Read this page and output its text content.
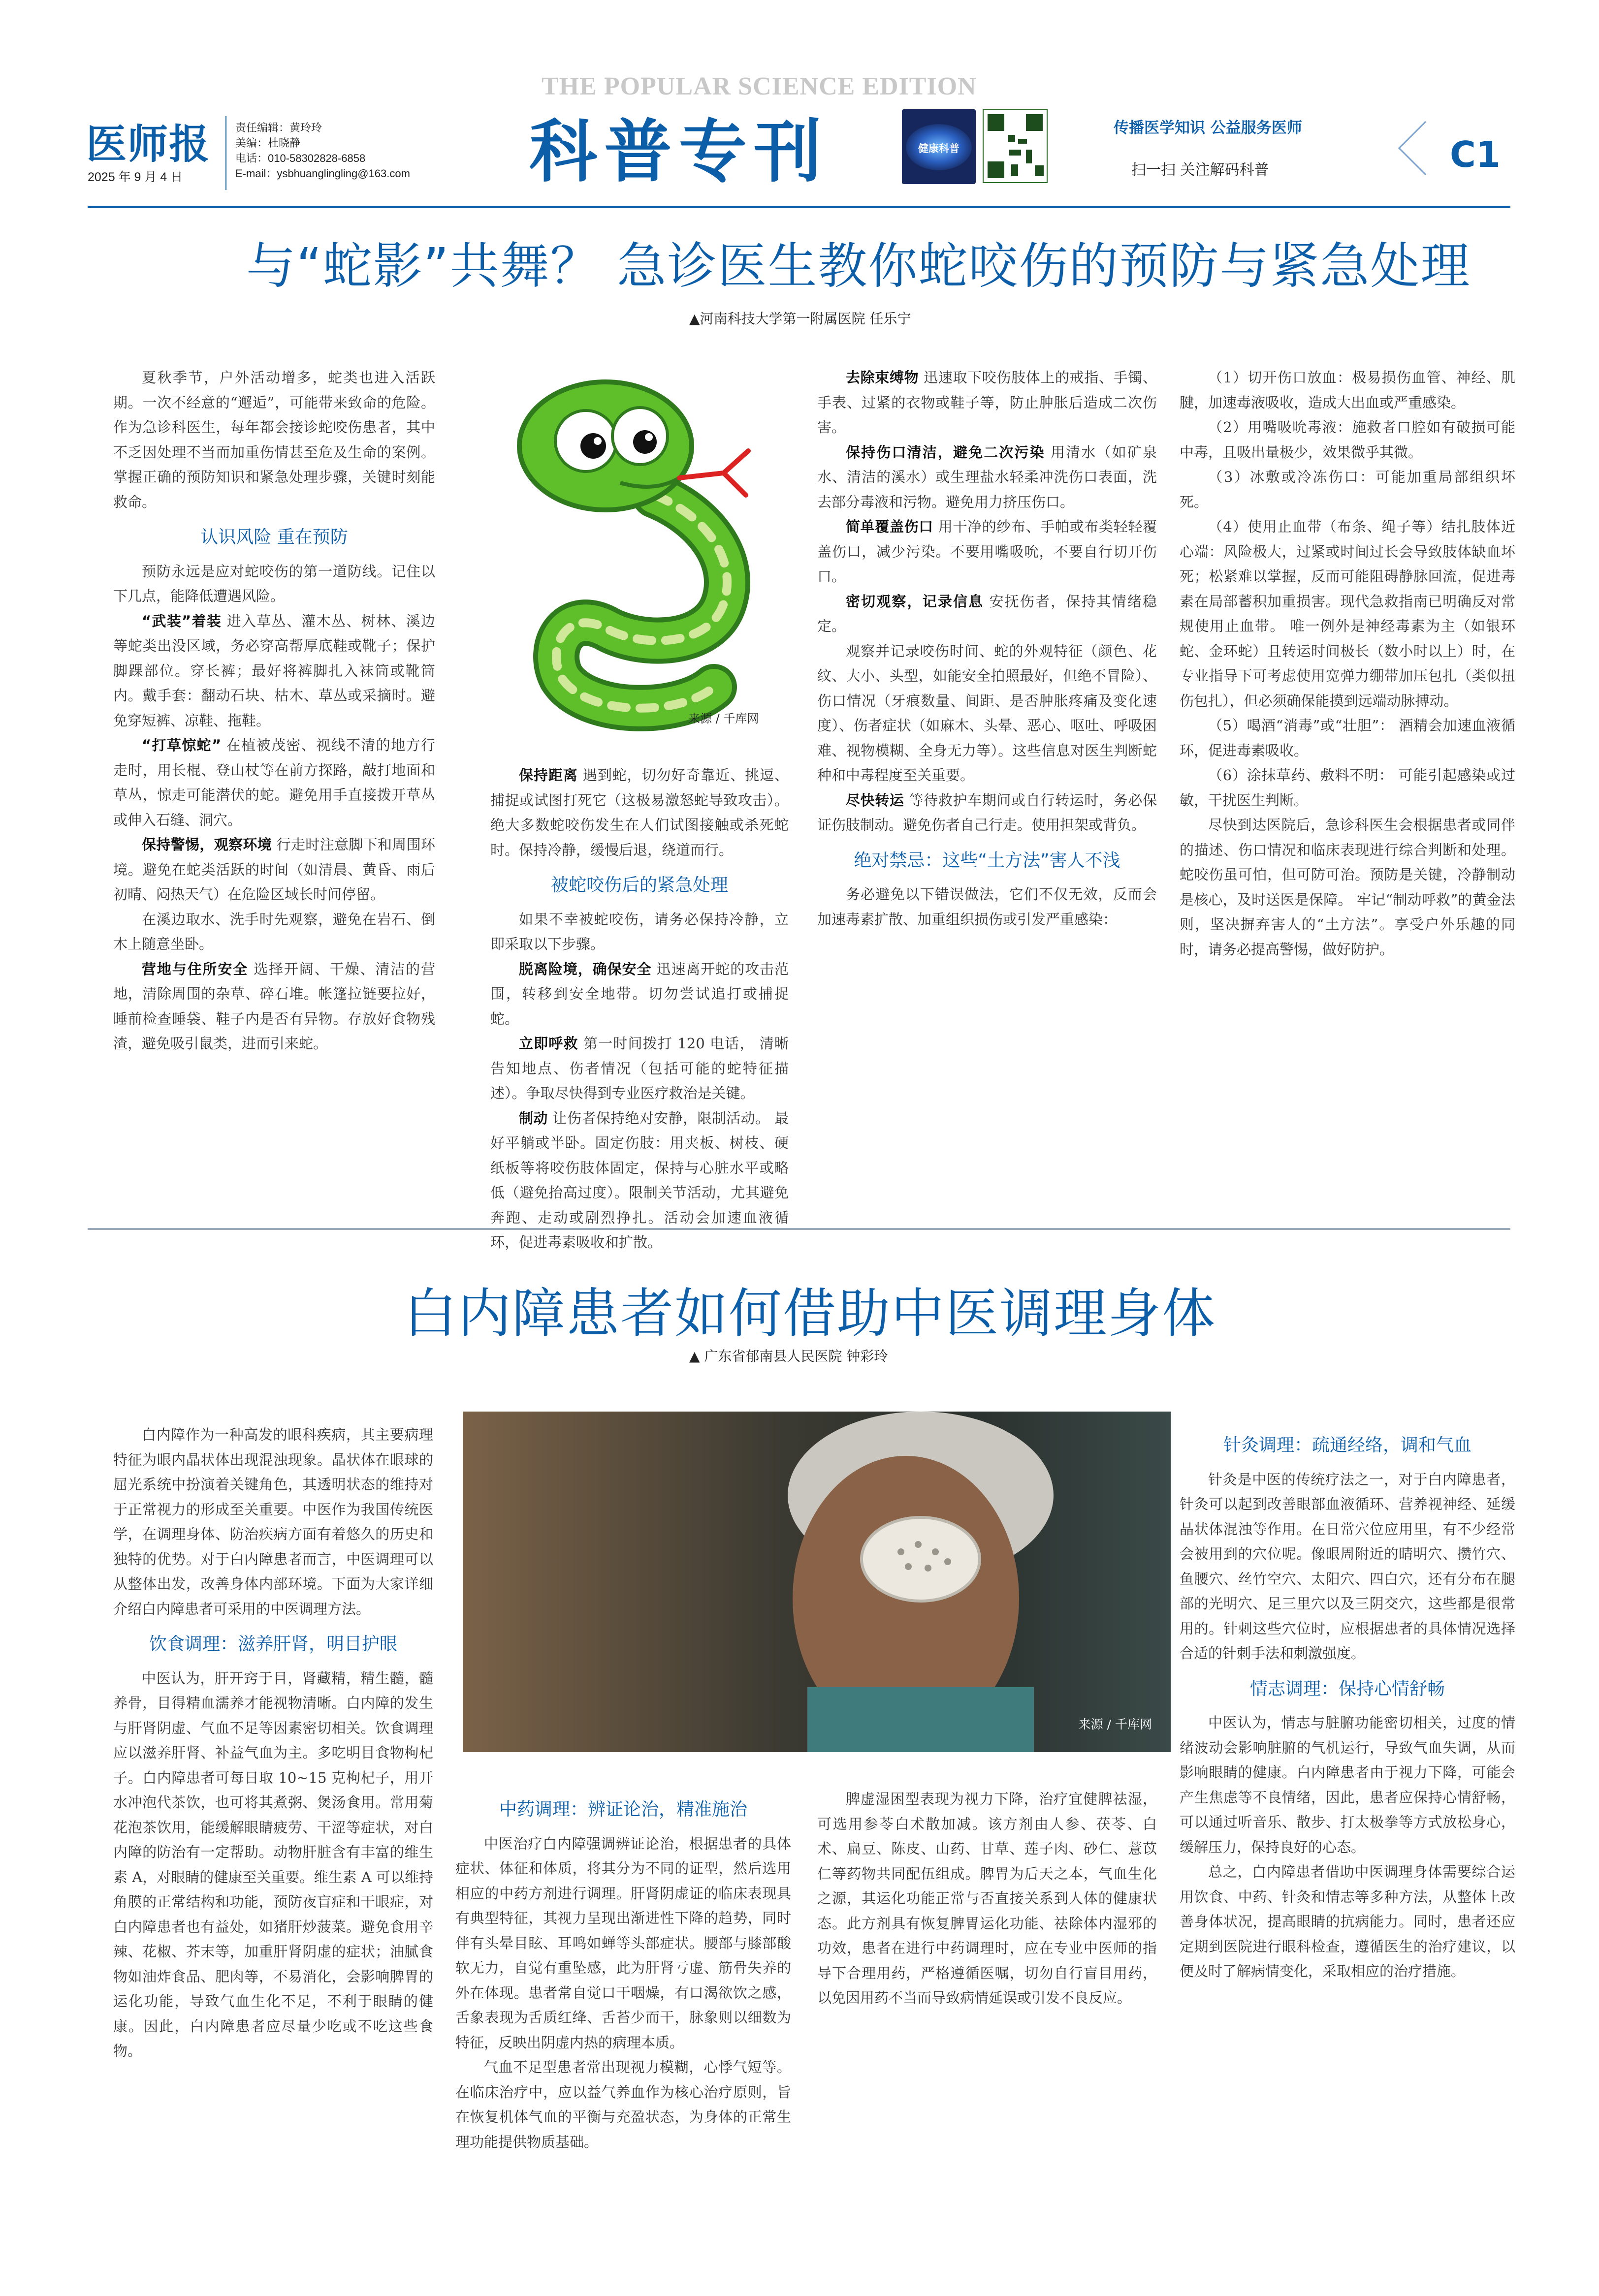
医师报
2025 年 9 月 4 日
责任编辑：黄玲玲
美编：杜晓静
电话：010-58302828-6858
E-mail：ysbhuanglingling@163.com
THE POPULAR SCIENCE EDITION
科普专刊	健康科普
传播医学知识 公益服务医师
扫一扫 关注解码科普	C1
与“蛇影”共舞？ 急诊医生教你蛇咬伤的预防与紧急处理
▲河南科技大学第一附属医院 任乐宁
来源 / 千库网

夏秋季节，户外活动增多，蛇类也进入活跃期。一次不经意的“邂逅”，可能带来致命的危险。作为急诊科医生，每年都会接诊蛇咬伤患者，其中不乏因处理不当而加重伤情甚至危及生命的案例。掌握正确的预防知识和紧急处理步骤，关键时刻能救命。

认识风险 重在预防

预防永远是应对蛇咬伤的第一道防线。记住以下几点，能降低遭遇风险。

“武装”着装 进入草丛、灌木丛、树林、溪边等蛇类出没区域，务必穿高帮厚底鞋或靴子；保护脚踝部位。穿长裤；最好将裤脚扎入袜筒或靴筒内。戴手套：翻动石块、枯木、草丛或采摘时。避免穿短裤、凉鞋、拖鞋。

“打草惊蛇” 在植被茂密、视线不清的地方行走时，用长棍、登山杖等在前方探路，敲打地面和草丛，惊走可能潜伏的蛇。避免用手直接拨开草丛或伸入石缝、洞穴。

保持警惕，观察环境 行走时注意脚下和周围环境。避免在蛇类活跃的时间（如清晨、黄昏、雨后初晴、闷热天气）在危险区域长时间停留。

在溪边取水、洗手时先观察，避免在岩石、倒木上随意坐卧。

营地与住所安全 选择开阔、干燥、清洁的营地，清除周围的杂草、碎石堆。帐篷拉链要拉好，睡前检查睡袋、鞋子内是否有异物。存放好食物残渣，避免吸引鼠类，进而引来蛇。

保持距离 遇到蛇，切勿好奇靠近、挑逗、捕捉或试图打死它（这极易激怒蛇导致攻击）。绝大多数蛇咬伤发生在人们试图接触或杀死蛇时。保持冷静，缓慢后退，绕道而行。

被蛇咬伤后的紧急处理

如果不幸被蛇咬伤，请务必保持冷静，立即采取以下步骤。

脱离险境，确保安全 迅速离开蛇的攻击范围，转移到安全地带。切勿尝试追打或捕捉蛇。

立即呼救 第一时间拨打 120 电话， 清晰告知地点、伤者情况（包括可能的蛇特征描述）。争取尽快得到专业医疗救治是关键。

制动 让伤者保持绝对安静，限制活动。 最好平躺或半卧。固定伤肢：用夹板、树枝、硬纸板等将咬伤肢体固定，保持与心脏水平或略低（避免抬高过度）。限制关节活动，尤其避免奔跑、走动或剧烈挣扎。活动会加速血液循环，促进毒素吸收和扩散。

去除束缚物 迅速取下咬伤肢体上的戒指、手镯、手表、过紧的衣物或鞋子等，防止肿胀后造成二次伤害。

保持伤口清洁，避免二次污染 用清水（如矿泉水、清洁的溪水）或生理盐水轻柔冲洗伤口表面，洗去部分毒液和污物。避免用力挤压伤口。

简单覆盖伤口 用干净的纱布、手帕或布类轻轻覆盖伤口，减少污染。不要用嘴吸吮，不要自行切开伤口。

密切观察，记录信息 安抚伤者，保持其情绪稳定。

观察并记录咬伤时间、蛇的外观特征（颜色、花纹、大小、头型，如能安全拍照最好，但绝不冒险）、伤口情况（牙痕数量、间距、是否肿胀疼痛及变化速度）、伤者症状（如麻木、头晕、恶心、呕吐、呼吸困难、视物模糊、全身无力等）。这些信息对医生判断蛇种和中毒程度至关重要。

尽快转运 等待救护车期间或自行转运时，务必保证伤肢制动。避免伤者自己行走。使用担架或背负。

绝对禁忌：这些“土方法”害人不浅

务必避免以下错误做法，它们不仅无效，反而会加速毒素扩散、加重组织损伤或引发严重感染：

（1）切开伤口放血：极易损伤血管、神经、肌腱，加速毒液吸收，造成大出血或严重感染。

（2）用嘴吸吮毒液：施救者口腔如有破损可能中毒，且吸出量极少，效果微乎其微。

（3）冰敷或冷冻伤口：可能加重局部组织坏死。

（4）使用止血带（布条、绳子等）结扎肢体近心端：风险极大，过紧或时间过长会导致肢体缺血坏死；松紧难以掌握，反而可能阻碍静脉回流，促进毒素在局部蓄积加重损害。现代急救指南已明确反对常规使用止血带。 唯一例外是神经毒素为主（如银环蛇、金环蛇）且转运时间极长（数小时以上）时，在专业指导下可考虑使用宽弹力绷带加压包扎（类似扭伤包扎），但必须确保能摸到远端动脉搏动。

（5）喝酒“消毒”或“壮胆”： 酒精会加速血液循环，促进毒素吸收。

（6）涂抹草药、敷料不明： 可能引起感染或过敏，干扰医生判断。

尽快到达医院后，急诊科医生会根据患者或同伴的描述、伤口情况和临床表现进行综合判断和处理。蛇咬伤虽可怕，但可防可治。预防是关键，冷静制动是核心，及时送医是保障。 牢记“制动呼救”的黄金法则，坚决摒弃害人的“土方法”。享受户外乐趣的同时，请务必提高警惕，做好防护。

白内障患者如何借助中医调理身体
▲ 广东省郁南县人民医院 钟彩玲
来源 / 千库网

白内障作为一种高发的眼科疾病，其主要病理特征为眼内晶状体出现混浊现象。晶状体在眼球的屈光系统中扮演着关键角色，其透明状态的维持对于正常视力的形成至关重要。中医作为我国传统医学，在调理身体、防治疾病方面有着悠久的历史和独特的优势。对于白内障患者而言，中医调理可以从整体出发，改善身体内部环境。下面为大家详细介绍白内障患者可采用的中医调理方法。

饮食调理：滋养肝肾，明目护眼

中医认为，肝开窍于目，肾藏精，精生髓，髓养骨，目得精血濡养才能视物清晰。白内障的发生与肝肾阴虚、气血不足等因素密切相关。饮食调理应以滋养肝肾、补益气血为主。多吃明目食物枸杞子。白内障患者可每日取 10~15 克枸杞子，用开水冲泡代茶饮，也可将其煮粥、煲汤食用。常用菊花泡茶饮用，能缓解眼睛疲劳、干涩等症状，对白内障的防治有一定帮助。动物肝脏含有丰富的维生素 A，对眼睛的健康至关重要。维生素 A 可以维持角膜的正常结构和功能，预防夜盲症和干眼症，对白内障患者也有益处，如猪肝炒菠菜。避免食用辛辣、花椒、芥末等，加重肝肾阴虚的症状；油腻食物如油炸食品、肥肉等，不易消化，会影响脾胃的运化功能，导致气血生化不足，不利于眼睛的健康。因此，白内障患者应尽量少吃或不吃这些食物。

中药调理：辨证论治，精准施治

中医治疗白内障强调辨证论治，根据患者的具体症状、体征和体质，将其分为不同的证型，然后选用相应的中药方剂进行调理。肝肾阴虚证的临床表现具有典型特征，其视力呈现出渐进性下降的趋势，同时伴有头晕目眩、耳鸣如蝉等头部症状。腰部与膝部酸软无力，自觉有重坠感，此为肝肾亏虚、筋骨失养的外在体现。患者常自觉口干咽燥，有口渴欲饮之感，舌象表现为舌质红绛、舌苔少而干，脉象则以细数为特征，反映出阴虚内热的病理本质。

气血不足型患者常出现视力模糊，心悸气短等。在临床治疗中，应以益气养血作为核心治疗原则，旨在恢复机体气血的平衡与充盈状态，为身体的正常生理功能提供物质基础。

脾虚湿困型表现为视力下降，治疗宜健脾祛湿，可选用参苓白术散加减。该方剂由人参、茯苓、白术、扁豆、陈皮、山药、甘草、莲子肉、砂仁、薏苡仁等药物共同配伍组成。脾胃为后天之本，气血生化之源，其运化功能正常与否直接关系到人体的健康状态。此方剂具有恢复脾胃运化功能、祛除体内湿邪的功效，患者在进行中药调理时，应在专业中医师的指导下合理用药，严格遵循医嘱，切勿自行盲目用药，以免因用药不当而导致病情延误或引发不良反应。

针灸调理：疏通经络，调和气血

针灸是中医的传统疗法之一，对于白内障患者，针灸可以起到改善眼部血液循环、营养视神经、延缓晶状体混浊等作用。在日常穴位应用里，有不少经常会被用到的穴位呢。像眼周附近的睛明穴、攒竹穴、鱼腰穴、丝竹空穴、太阳穴、四白穴，还有分布在腿部的光明穴、足三里穴以及三阴交穴，这些都是很常用的。针刺这些穴位时，应根据患者的具体情况选择合适的针刺手法和刺激强度。

情志调理：保持心情舒畅

中医认为，情志与脏腑功能密切相关，过度的情绪波动会影响脏腑的气机运行，导致气血失调，从而影响眼睛的健康。白内障患者由于视力下降，可能会产生焦虑等不良情绪，因此，患者应保持心情舒畅，可以通过听音乐、散步、打太极拳等方式放松身心，缓解压力，保持良好的心态。

总之，白内障患者借助中医调理身体需要综合运用饮食、中药、针灸和情志等多种方法，从整体上改善身体状况，提高眼睛的抗病能力。同时，患者还应定期到医院进行眼科检查，遵循医生的治疗建议，以便及时了解病情变化，采取相应的治疗措施。
